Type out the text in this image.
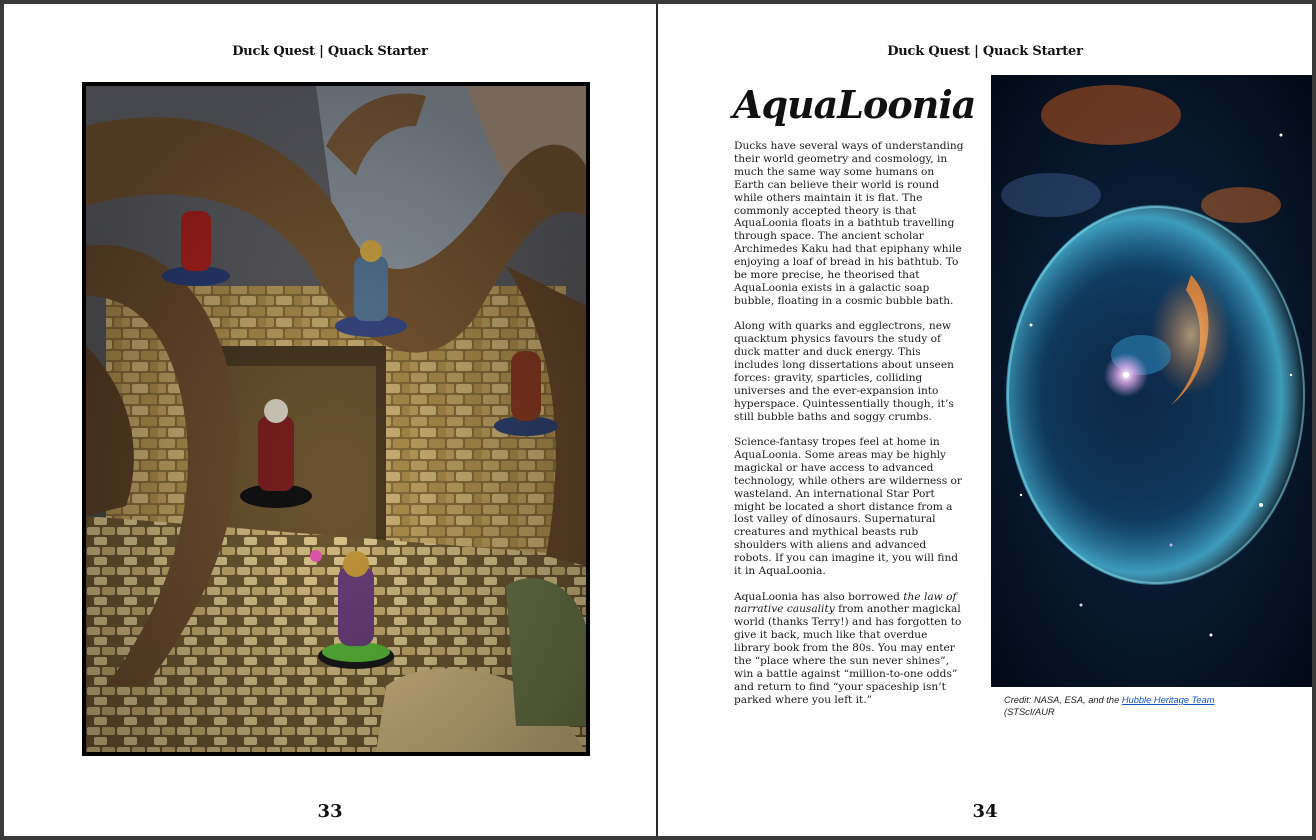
Duck Quest | Quack Starter
33
Duck Quest | Quack Starter
AquaLoonia

Ducks have several ways of understanding their world geometry and cosmology, in much the same way some humans on Earth can believe their world is round while others maintain it is flat. The commonly accepted theory is that AquaLoonia floats in a bathtub travelling through space. The ancient scholar Archimedes Kaku had that epiphany while enjoying a loaf of bread in his bathtub. To be more precise, he theorised that AquaLoonia exists in a galactic soap bubble, floating in a cosmic bubble bath.

Along with quarks and egglectrons, new quacktum physics favours the study of duck matter and duck energy. This includes long dissertations about unseen forces: gravity, sparticles, colliding universes and the ever-expansion into hyperspace. Quintessentially though, it’s still bubble baths and soggy crumbs.

Science-fantasy tropes feel at home in AquaLoonia. Some areas may be highly magickal or have access to advanced technology, while others are wilderness or wasteland. An international Star Port might be located a short distance from a lost valley of dinosaurs. Supernatural creatures and mythical beasts rub shoulders with aliens and advanced robots. If you can imagine it, you will find it in AquaLoonia.

AquaLoonia has also borrowed the law of narrative causality from another magickal world (thanks Terry!) and has forgotten to give it back, much like that overdue library book from the 80s. You may enter the “place where the sun never shines”, win a battle against “million-to-one odds” and return to find “your spaceship isn’t parked where you left it.”	Credit: NASA, ESA, and the Hubble Heritage Team
(STScI/AUR
34
